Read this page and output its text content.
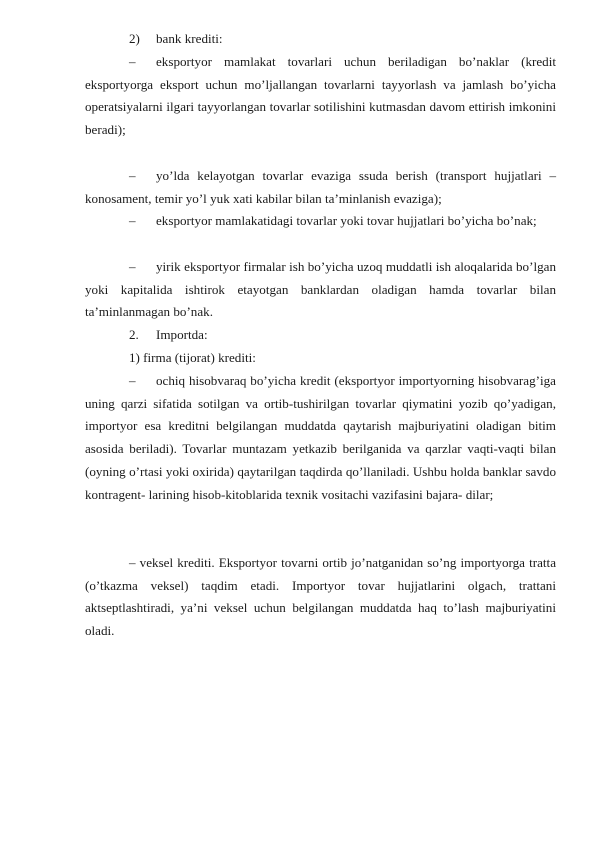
2) bank krediti:

– eksportyor mamlakat tovarlari uchun beriladigan bo’naklar (kredit eksportyorga eksport uchun mo’ljallangan tovarlarni tayyorlash va jamlash bo’yicha operatsiyalarni ilgari tayyorlangan tovarlar sotilishini kutmasdan davom ettirish imkonini beradi);

– yo’lda kelayotgan tovarlar evaziga ssuda berish (transport hujjatlari – konosament, temir yo’l yuk xati kabilar bilan ta’minlanish evaziga);

– eksportyor mamlakatidagi tovarlar yoki tovar hujjatlari bo’yicha bo’nak;

– yirik eksportyor firmalar ish bo’yicha uzoq muddatli ish aloqalarida bo’lgan yoki kapitalida ishtirok etayotgan banklardan oladigan hamda tovarlar bilan ta’minlanmagan bo’nak.

2. Importda:

1) firma (tijorat) krediti:

– ochiq hisobvaraq bo’yicha kredit (eksportyor importyorning hisobvarag’iga uning qarzi sifatida sotilgan va ortib-tushirilgan tovarlar qiymatini yozib qo’yadigan, importyor esa kreditni belgilangan muddatda qaytarish majburiyatini oladigan bitim asosida beriladi). Tovarlar muntazam yetkazib berilganida va qarzlar vaqti-vaqti bilan (oyning o’rtasi yoki oxirida) qaytarilgan taqdirda qo’llaniladi. Ushbu holda banklar savdo kontragent- larining hisob-kitoblarida texnik vositachi vazifasini bajara- dilar;

– veksel krediti. Eksportyor tovarni ortib jo’natganidan so’ng importyorga tratta (o’tkazma veksel) taqdim etadi. Importyor tovar hujjatlarini olgach, trattani aktseptlashtiradi, ya’ni veksel uchun belgilangan muddatda haq to’lash majburiyatini oladi.
